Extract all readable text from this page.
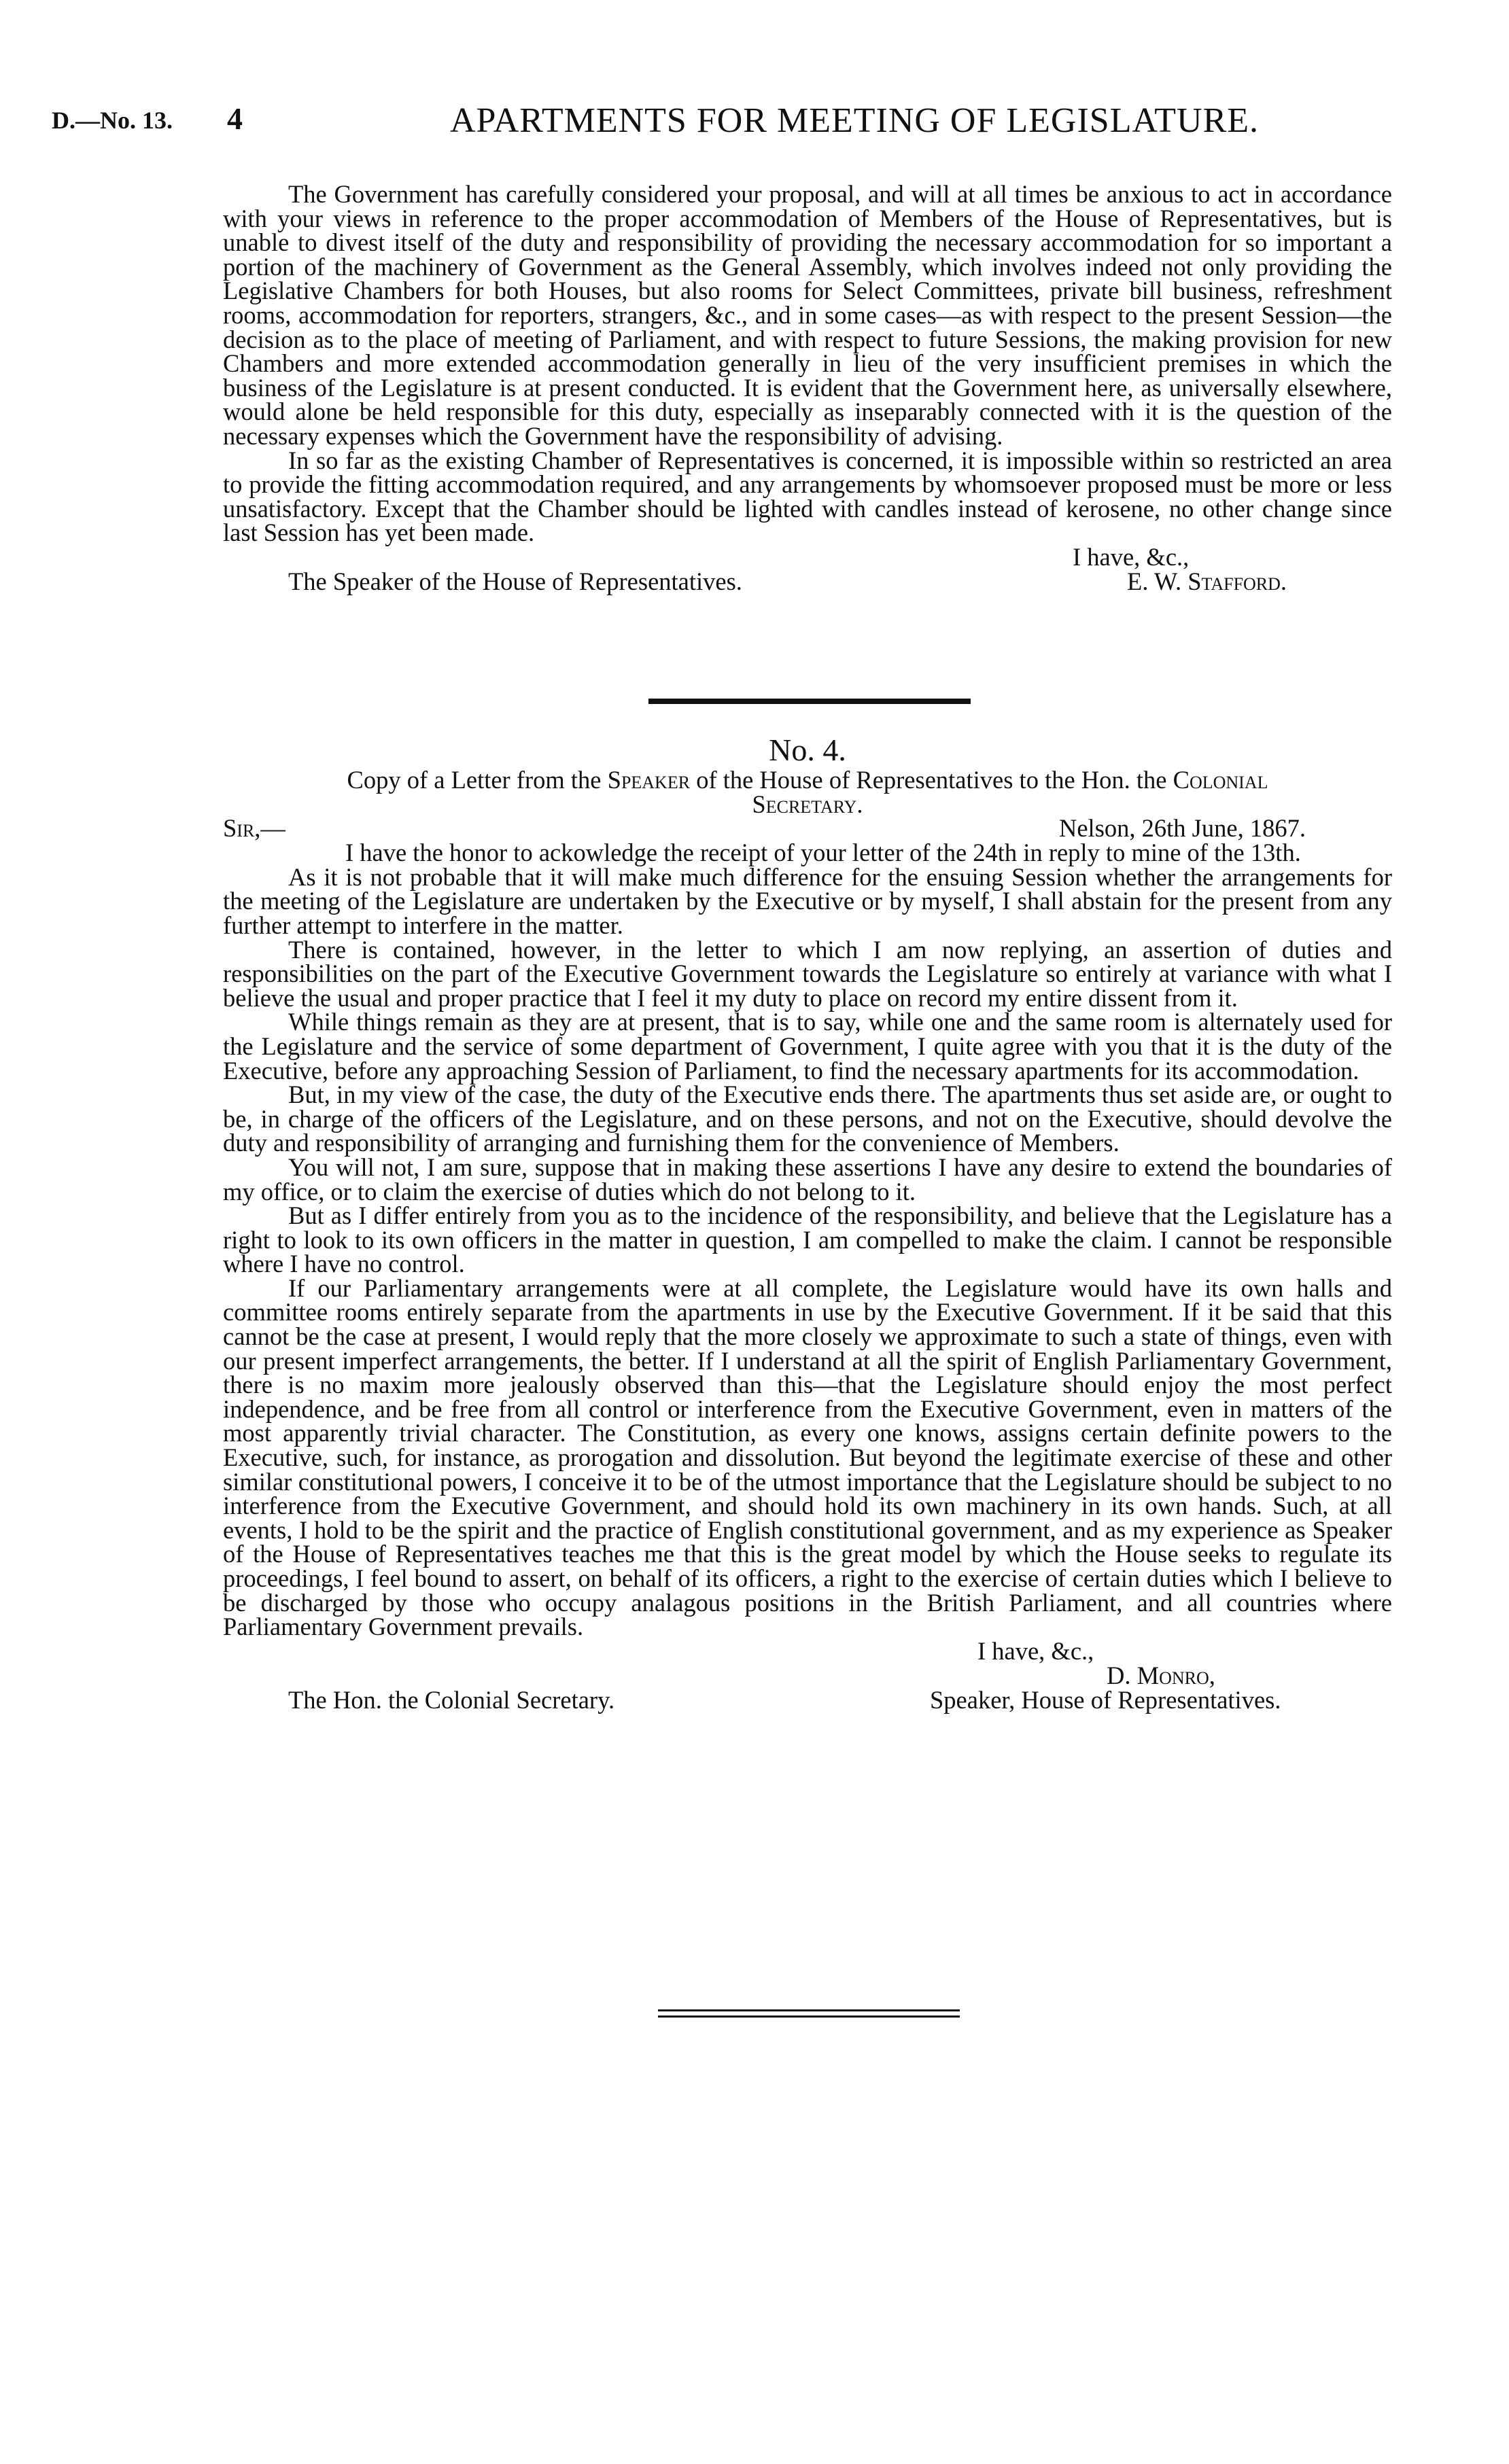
D.—No. 13. 4	APARTMENTS FOR MEETING OF LEGISLATURE.

The Government has carefully considered your proposal, and will at all times be anxious to act in accordance with your views in reference to the proper accommodation of Members of the House of Representatives, but is unable to divest itself of the duty and responsibility of providing the necessary accommodation for so important a portion of the machinery of Government as the General Assembly, which involves indeed not only providing the Legislative Chambers for both Houses, but also rooms for Select Committees, private bill business, refreshment rooms, accommodation for reporters, strangers, &c., and in some cases—as with respect to the present Session—the decision as to the place of meeting of Parliament, and with respect to future Sessions, the making provision for new Chambers and more extended accommodation generally in lieu of the very insufficient premises in which the business of the Legislature is at present conducted. It is evident that the Government here, as universally elsewhere, would alone be held responsible for this duty, especially as inseparably connected with it is the question of the necessary expenses which the Government have the responsibility of advising.

In so far as the existing Chamber of Representatives is concerned, it is impossible within so restricted an area to provide the fitting accommodation required, and any arrangements by whomsoever proposed must be more or less unsatisfactory. Except that the Chamber should be lighted with candles instead of kerosene, no other change since last Session has yet been made.

I have, &c.,
The Speaker of the House of Representatives.	E. W. Stafford.
No. 4.
Copy of a Letter from the Speaker of the House of Representatives to the Hon. the Colonial
Secretary.
Sir,—	Nelson, 26th June, 1867.

I have the honor to ackowledge the receipt of your letter of the 24th in reply to mine of the 13th.

As it is not probable that it will make much difference for the ensuing Session whether the arrangements for the meeting of the Legislature are undertaken by the Executive or by myself, I shall abstain for the present from any further attempt to interfere in the matter.

There is contained, however, in the letter to which I am now replying, an assertion of duties and responsibilities on the part of the Executive Government towards the Legislature so entirely at variance with what I believe the usual and proper practice that I feel it my duty to place on record my entire dissent from it.

While things remain as they are at present, that is to say, while one and the same room is alternately used for the Legislature and the service of some department of Government, I quite agree with you that it is the duty of the Executive, before any approaching Session of Parliament, to find the necessary apartments for its accommodation.

But, in my view of the case, the duty of the Executive ends there. The apartments thus set aside are, or ought to be, in charge of the officers of the Legislature, and on these persons, and not on the Executive, should devolve the duty and responsibility of arranging and furnishing them for the convenience of Members.

You will not, I am sure, suppose that in making these assertions I have any desire to extend the boundaries of my office, or to claim the exercise of duties which do not belong to it.

But as I differ entirely from you as to the incidence of the responsibility, and believe that the Legislature has a right to look to its own officers in the matter in question, I am compelled to make the claim. I cannot be responsible where I have no control.

If our Parliamentary arrangements were at all complete, the Legislature would have its own halls and committee rooms entirely separate from the apartments in use by the Executive Government. If it be said that this cannot be the case at present, I would reply that the more closely we approximate to such a state of things, even with our present imperfect arrangements, the better. If I understand at all the spirit of English Parliamentary Government, there is no maxim more jealously observed than this—that the Legislature should enjoy the most perfect independence, and be free from all control or interference from the Executive Government, even in matters of the most apparently trivial character. The Constitution, as every one knows, assigns certain definite powers to the Executive, such, for instance, as prorogation and dissolution. But beyond the legitimate exercise of these and other similar constitutional powers, I conceive it to be of the utmost importance that the Legislature should be subject to no interference from the Executive Government, and should hold its own machinery in its own hands. Such, at all events, I hold to be the spirit and the practice of English constitutional government, and as my experience as Speaker of the House of Representatives teaches me that this is the great model by which the House seeks to regulate its proceedings, I feel bound to assert, on behalf of its officers, a right to the exercise of certain duties which I believe to be discharged by those who occupy analagous positions in the British Parliament, and all countries where Parliamentary Government prevails.

I have, &c.,
D. Monro,
The Hon. the Colonial Secretary.	Speaker, House of Representatives.
